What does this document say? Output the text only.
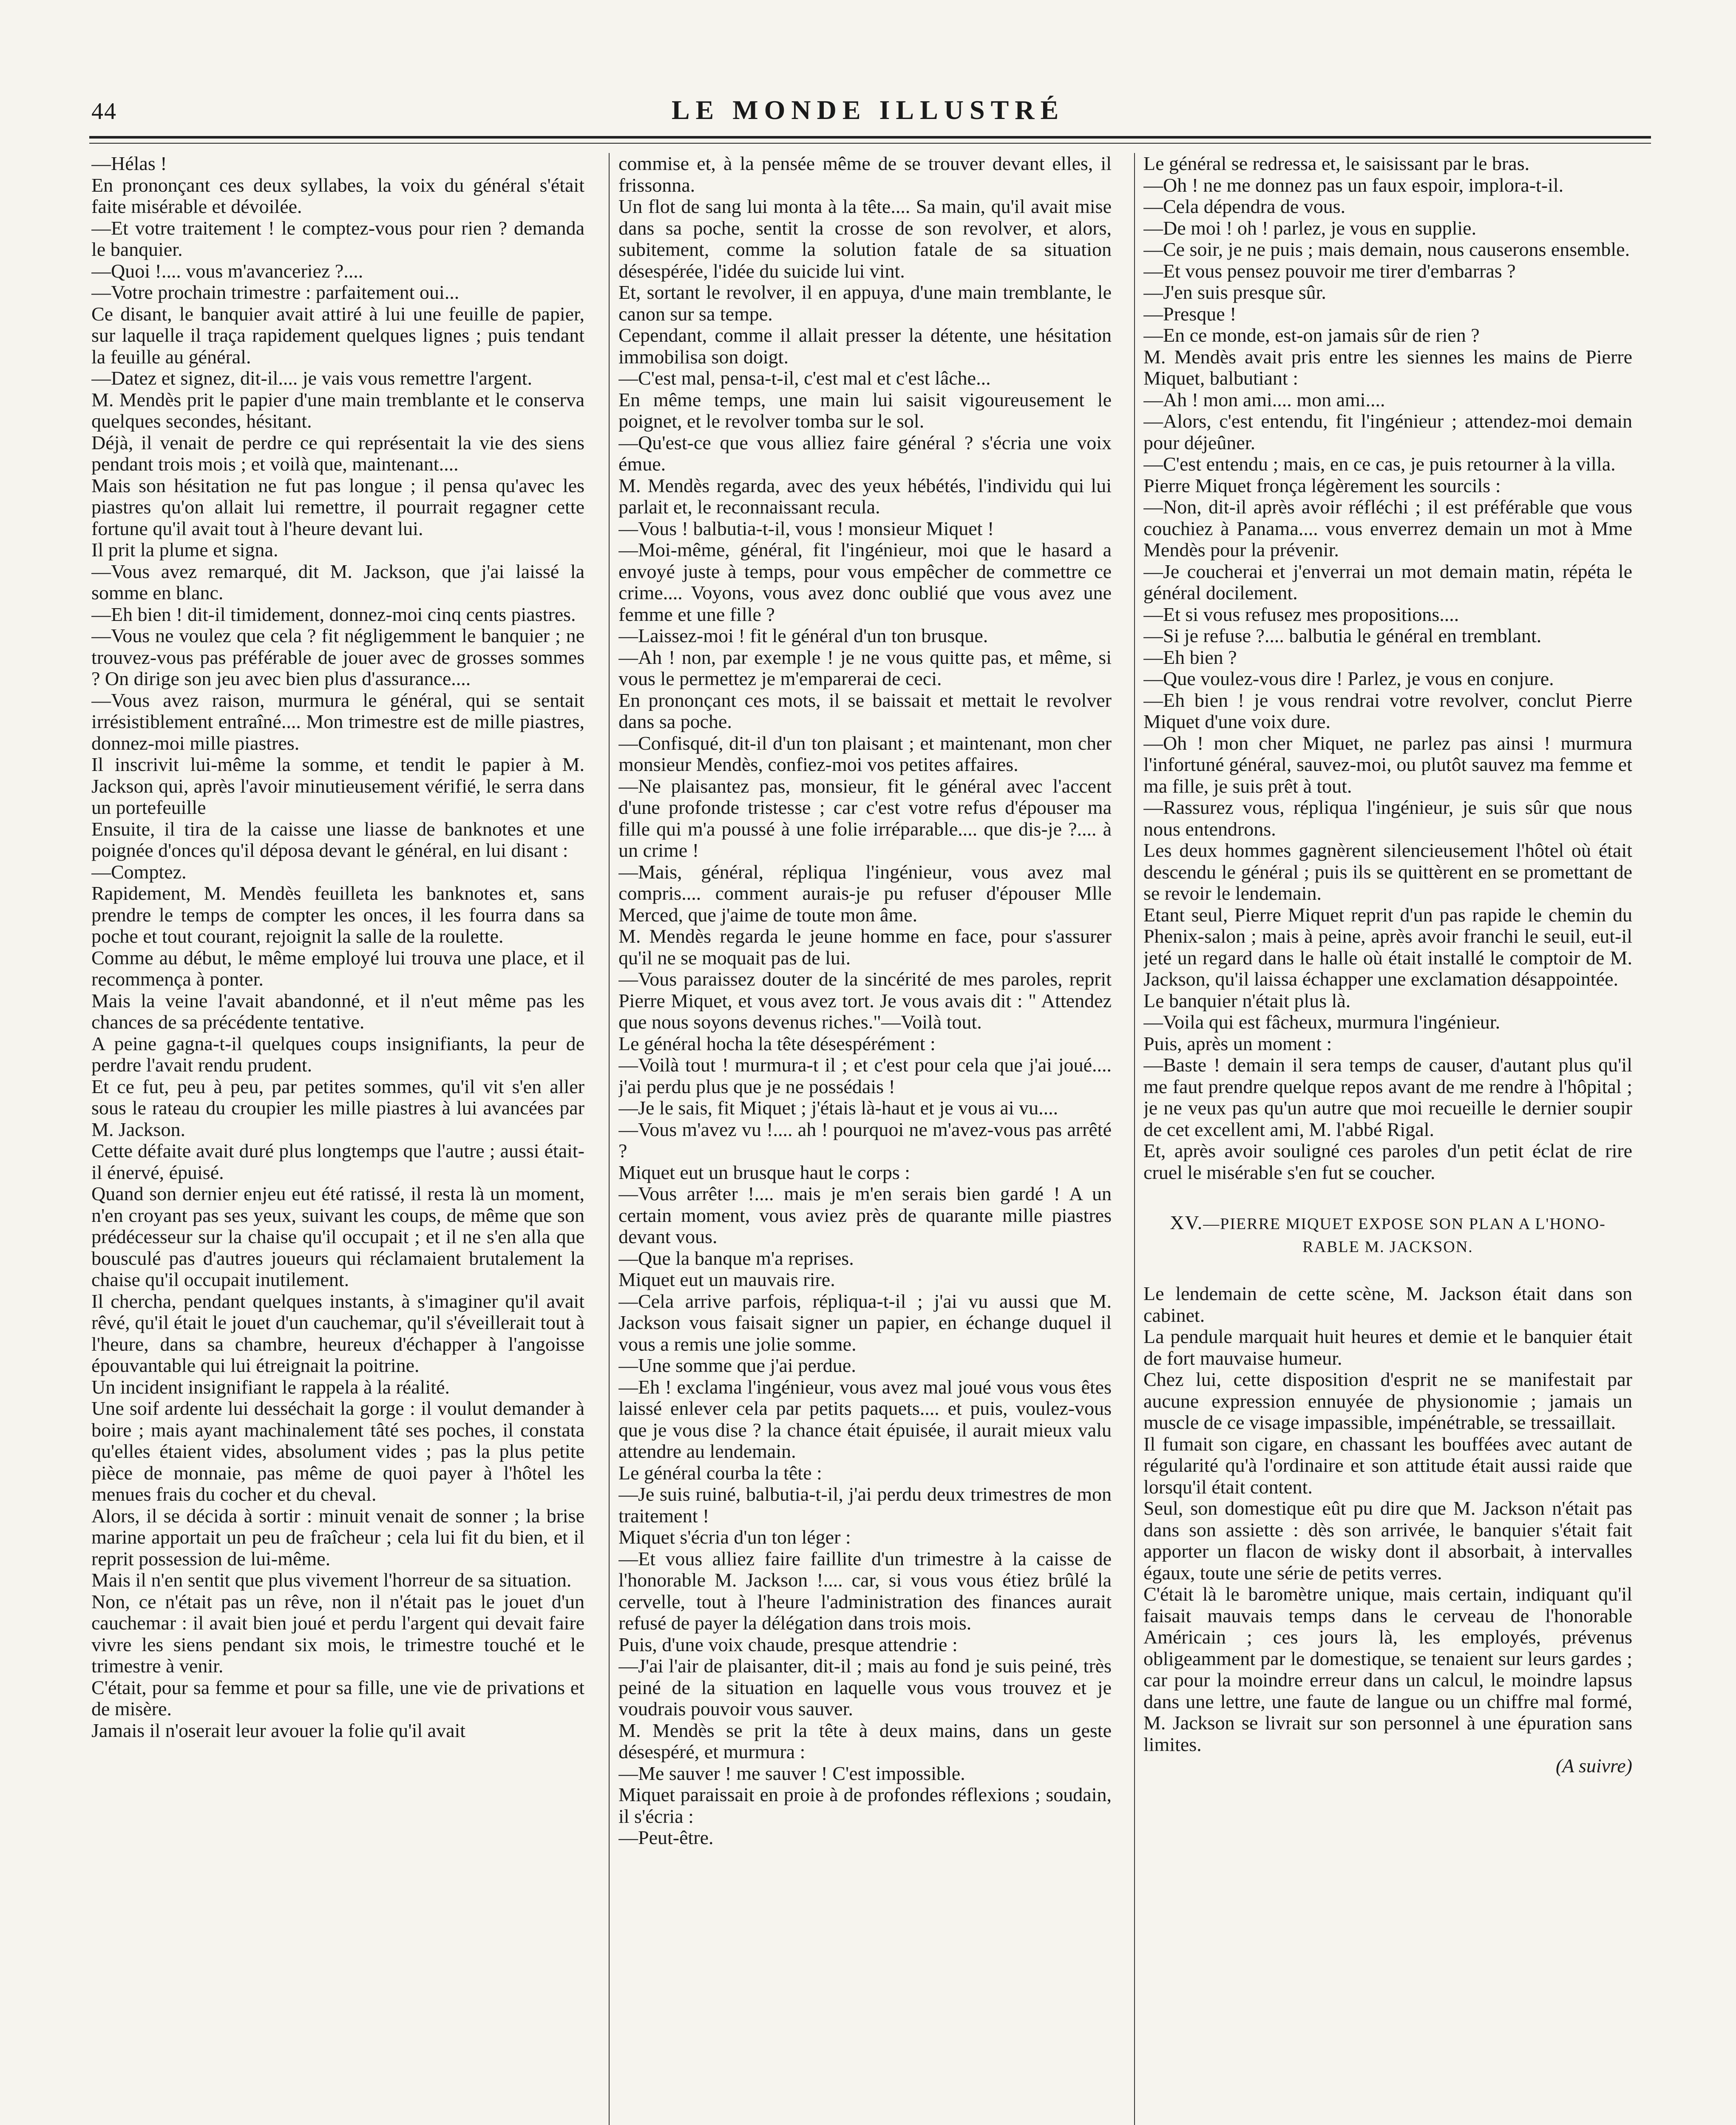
44	LE MONDE ILLUSTRÉ

—Hélas !

En prononçant ces deux syllabes, la voix du général s'était faite misérable et dévoilée.

—Et votre traitement ! le comptez-vous pour rien ? demanda le banquier.

—Quoi !.... vous m'avanceriez ?....

—Votre prochain trimestre : parfaitement oui...

Ce disant, le banquier avait attiré à lui une feuille de papier, sur laquelle il traça rapidement quelques lignes ; puis tendant la feuille au général.

—Datez et signez, dit-il.... je vais vous remettre l'argent.

M. Mendès prit le papier d'une main tremblante et le conserva quelques secondes, hésitant.

Déjà, il venait de perdre ce qui représentait la vie des siens pendant trois mois ; et voilà que, maintenant....

Mais son hésitation ne fut pas longue ; il pensa qu'avec les piastres qu'on allait lui remettre, il pourrait regagner cette fortune qu'il avait tout à l'heure devant lui.

Il prit la plume et signa.

—Vous avez remarqué, dit M. Jackson, que j'ai laissé la somme en blanc.

—Eh bien ! dit-il timidement, donnez-moi cinq cents piastres.

—Vous ne voulez que cela ? fit négligemment le banquier ; ne trouvez-vous pas préférable de jouer avec de grosses sommes ? On dirige son jeu avec bien plus d'assurance....

—Vous avez raison, murmura le général, qui se sentait irrésistiblement entraîné.... Mon trimestre est de mille piastres, donnez-moi mille piastres.

Il inscrivit lui-même la somme, et tendit le papier à M. Jackson qui, après l'avoir minutieusement vérifié, le serra dans un portefeuille

Ensuite, il tira de la caisse une liasse de banknotes et une poignée d'onces qu'il déposa devant le général, en lui disant :

—Comptez.

Rapidement, M. Mendès feuilleta les banknotes et, sans prendre le temps de compter les onces, il les fourra dans sa poche et tout courant, rejoignit la salle de la roulette.

Comme au début, le même employé lui trouva une place, et il recommença à ponter.

Mais la veine l'avait abandonné, et il n'eut même pas les chances de sa précédente tentative.

A peine gagna-t-il quelques coups insignifiants, la peur de perdre l'avait rendu prudent.

Et ce fut, peu à peu, par petites sommes, qu'il vit s'en aller sous le rateau du croupier les mille piastres à lui avancées par M. Jackson.

Cette défaite avait duré plus longtemps que l'autre ; aussi était-il énervé, épuisé.

Quand son dernier enjeu eut été ratissé, il resta là un moment, n'en croyant pas ses yeux, suivant les coups, de même que son prédécesseur sur la chaise qu'il occupait ; et il ne s'en alla que bousculé pas d'autres joueurs qui réclamaient brutalement la chaise qu'il occupait inutilement.

Il chercha, pendant quelques instants, à s'imaginer qu'il avait rêvé, qu'il était le jouet d'un cauchemar, qu'il s'éveillerait tout à l'heure, dans sa chambre, heureux d'échapper à l'angoisse épouvantable qui lui étreignait la poitrine.

Un incident insignifiant le rappela à la réalité.

Une soif ardente lui desséchait la gorge : il voulut demander à boire ; mais ayant machinalement tâté ses poches, il constata qu'elles étaient vides, absolument vides ; pas la plus petite pièce de monnaie, pas même de quoi payer à l'hôtel les menues frais du cocher et du cheval.

Alors, il se décida à sortir : minuit venait de sonner ; la brise marine apportait un peu de fraîcheur ; cela lui fit du bien, et il reprit possession de lui-même.

Mais il n'en sentit que plus vivement l'horreur de sa situation.

Non, ce n'était pas un rêve, non il n'était pas le jouet d'un cauchemar : il avait bien joué et perdu l'argent qui devait faire vivre les siens pendant six mois, le trimestre touché et le trimestre à venir.

C'était, pour sa femme et pour sa fille, une vie de privations et de misère.

Jamais il n'oserait leur avouer la folie qu'il avait

commise et, à la pensée même de se trouver devant elles, il frissonna.

Un flot de sang lui monta à la tête.... Sa main, qu'il avait mise dans sa poche, sentit la crosse de son revolver, et alors, subitement, comme la solution fatale de sa situation désespérée, l'idée du suicide lui vint.

Et, sortant le revolver, il en appuya, d'une main tremblante, le canon sur sa tempe.

Cependant, comme il allait presser la détente, une hésitation immobilisa son doigt.

—C'est mal, pensa-t-il, c'est mal et c'est lâche...

En même temps, une main lui saisit vigoureusement le poignet, et le revolver tomba sur le sol.

—Qu'est-ce que vous alliez faire général ? s'écria une voix émue.

M. Mendès regarda, avec des yeux hébétés, l'individu qui lui parlait et, le reconnaissant recula.

—Vous ! balbutia-t-il, vous ! monsieur Miquet !

—Moi-même, général, fit l'ingénieur, moi que le hasard a envoyé juste à temps, pour vous empêcher de commettre ce crime.... Voyons, vous avez donc oublié que vous avez une femme et une fille ?

—Laissez-moi ! fit le général d'un ton brusque.

—Ah ! non, par exemple ! je ne vous quitte pas, et même, si vous le permettez je m'emparerai de ceci.

En prononçant ces mots, il se baissait et mettait le revolver dans sa poche.

—Confisqué, dit-il d'un ton plaisant ; et maintenant, mon cher monsieur Mendès, confiez-moi vos petites affaires.

—Ne plaisantez pas, monsieur, fit le général avec l'accent d'une profonde tristesse ; car c'est votre refus d'épouser ma fille qui m'a poussé à une folie irréparable.... que dis-je ?.... à un crime !

—Mais, général, répliqua l'ingénieur, vous avez mal compris.... comment aurais-je pu refuser d'épouser Mlle Merced, que j'aime de toute mon âme.

M. Mendès regarda le jeune homme en face, pour s'assurer qu'il ne se moquait pas de lui.

—Vous paraissez douter de la sincérité de mes paroles, reprit Pierre Miquet, et vous avez tort. Je vous avais dit : " Attendez que nous soyons devenus riches."—Voilà tout.

Le général hocha la tête désespérément :

—Voilà tout ! murmura-t il ; et c'est pour cela que j'ai joué.... j'ai perdu plus que je ne possédais !

—Je le sais, fit Miquet ; j'étais là-haut et je vous ai vu....

—Vous m'avez vu !.... ah ! pourquoi ne m'avez-vous pas arrêté ?

Miquet eut un brusque haut le corps :

—Vous arrêter !.... mais je m'en serais bien gardé ! A un certain moment, vous aviez près de quarante mille piastres devant vous.

—Que la banque m'a reprises.

Miquet eut un mauvais rire.

—Cela arrive parfois, répliqua-t-il ; j'ai vu aussi que M. Jackson vous faisait signer un papier, en échange duquel il vous a remis une jolie somme.

—Une somme que j'ai perdue.

—Eh ! exclama l'ingénieur, vous avez mal joué vous vous êtes laissé enlever cela par petits paquets.... et puis, voulez-vous que je vous dise ? la chance était épuisée, il aurait mieux valu attendre au lendemain.

Le général courba la tête :

—Je suis ruiné, balbutia-t-il, j'ai perdu deux trimestres de mon traitement !

Miquet s'écria d'un ton léger :

—Et vous alliez faire faillite d'un trimestre à la caisse de l'honorable M. Jackson !.... car, si vous vous étiez brûlé la cervelle, tout à l'heure l'administration des finances aurait refusé de payer la délégation dans trois mois.

Puis, d'une voix chaude, presque attendrie :

—J'ai l'air de plaisanter, dit-il ; mais au fond je suis peiné, très peiné de la situation en laquelle vous vous trouvez et je voudrais pouvoir vous sauver.

M. Mendès se prit la tête à deux mains, dans un geste désespéré, et murmura :

—Me sauver ! me sauver ! C'est impossible.

Miquet paraissait en proie à de profondes réflexions ; soudain, il s'écria :

—Peut-être.

Le général se redressa et, le saisissant par le bras.

—Oh ! ne me donnez pas un faux espoir, implora-t-il.

—Cela dépendra de vous.

—De moi ! oh ! parlez, je vous en supplie.

—Ce soir, je ne puis ; mais demain, nous causerons ensemble.

—Et vous pensez pouvoir me tirer d'embarras ?

—J'en suis presque sûr.

—Presque !

—En ce monde, est-on jamais sûr de rien ?

M. Mendès avait pris entre les siennes les mains de Pierre Miquet, balbutiant :

—Ah ! mon ami.... mon ami....

—Alors, c'est entendu, fit l'ingénieur ; attendez-moi demain pour déjeûner.

—C'est entendu ; mais, en ce cas, je puis retourner à la villa.

Pierre Miquet fronça légèrement les sourcils :

—Non, dit-il après avoir réfléchi ; il est préférable que vous couchiez à Panama.... vous enverrez demain un mot à Mme Mendès pour la prévenir.

—Je coucherai et j'enverrai un mot demain matin, répéta le général docilement.

—Et si vous refusez mes propositions....

—Si je refuse ?.... balbutia le général en tremblant.

—Eh bien ?

—Que voulez-vous dire ! Parlez, je vous en conjure.

—Eh bien ! je vous rendrai votre revolver, conclut Pierre Miquet d'une voix dure.

—Oh ! mon cher Miquet, ne parlez pas ainsi ! murmura l'infortuné général, sauvez-moi, ou plutôt sauvez ma femme et ma fille, je suis prêt à tout.

—Rassurez vous, répliqua l'ingénieur, je suis sûr que nous nous entendrons.

Les deux hommes gagnèrent silencieusement l'hôtel où était descendu le général ; puis ils se quittèrent en se promettant de se revoir le lendemain.

Etant seul, Pierre Miquet reprit d'un pas rapide le chemin du Phenix-salon ; mais à peine, après avoir franchi le seuil, eut-il jeté un regard dans le halle où était installé le comptoir de M. Jackson, qu'il laissa échapper une exclamation désappointée.

Le banquier n'était plus là.

—Voila qui est fâcheux, murmura l'ingénieur.

Puis, après un moment :

—Baste ! demain il sera temps de causer, d'autant plus qu'il me faut prendre quelque repos avant de me rendre à l'hôpital ; je ne veux pas qu'un autre que moi recueille le dernier soupir de cet excellent ami, M. l'abbé Rigal.

Et, après avoir souligné ces paroles d'un petit éclat de rire cruel le misérable s'en fut se coucher.

XV.—PIERRE MIQUET EXPOSE SON PLAN A L'HONO-
RABLE M. JACKSON.

Le lendemain de cette scène, M. Jackson était dans son cabinet.

La pendule marquait huit heures et demie et le banquier était de fort mauvaise humeur.

Chez lui, cette disposition d'esprit ne se manifestait par aucune expression ennuyée de physionomie ; jamais un muscle de ce visage impassible, impénétrable, se tressaillait.

Il fumait son cigare, en chassant les bouffées avec autant de régularité qu'à l'ordinaire et son attitude était aussi raide que lorsqu'il était content.

Seul, son domestique eût pu dire que M. Jackson n'était pas dans son assiette : dès son arrivée, le banquier s'était fait apporter un flacon de wisky dont il absorbait, à intervalles égaux, toute une série de petits verres.

C'était là le baromètre unique, mais certain, indiquant qu'il faisait mauvais temps dans le cerveau de l'honorable Américain ; ces jours là, les employés, prévenus obligeamment par le domestique, se tenaient sur leurs gardes ; car pour la moindre erreur dans un calcul, le moindre lapsus dans une lettre, une faute de langue ou un chiffre mal formé, M. Jackson se livrait sur son personnel à une épuration sans limites.

(A suivre)
